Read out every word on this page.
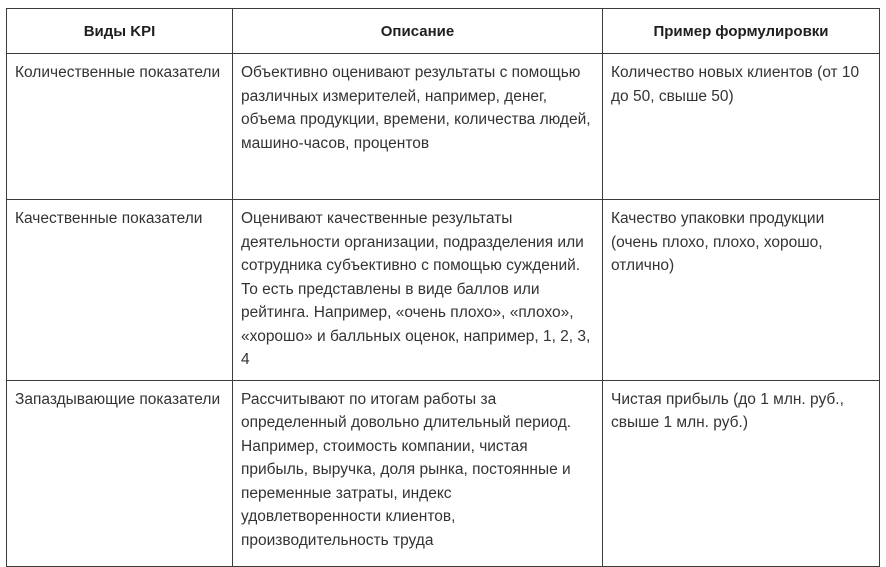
Виды KPI	Описание	Пример формулировки

Количественные показатели	Объективно оценивают результаты с помощью различных измерителей, например, денег, объема продукции, времени, количества людей, машино-часов, процентов	Количество новых клиентов (от 10 до 50, свыше 50)

Качественные показатели	Оценивают качественные результаты деятельности организации, подразделения или сотрудника субъективно с помощью суждений. То есть представлены в виде баллов или рейтинга. Например, «очень плохо», «плохо», «хорошо» и балльных оценок, например, 1, 2, 3, 4	Качество упаковки продукции (очень плохо, плохо, хорошо, отлично)

Запаздывающие показатели	Рассчитывают по итогам работы за определенный довольно длительный период. Например, стоимость компании, чистая прибыль, выручка, доля рынка, постоянные и переменные затраты, индекс удовлетворенности клиентов, производительность труда	Чистая прибыль (до 1 млн. руб., свыше 1 млн. руб.)
